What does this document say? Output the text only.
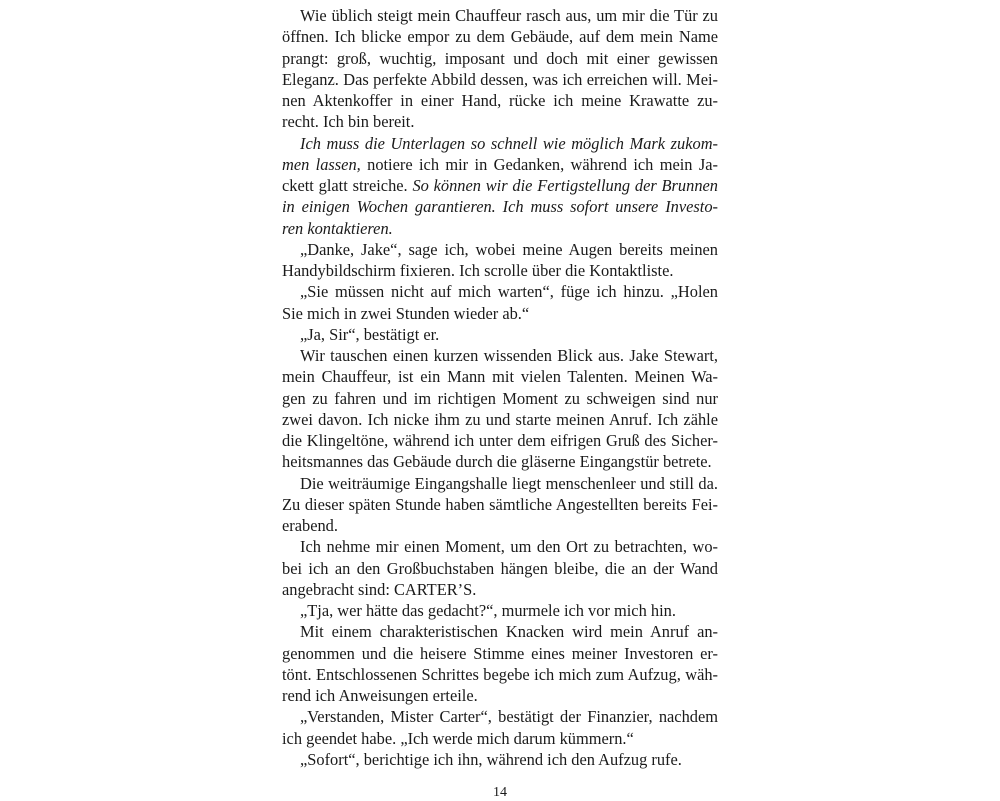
Wie üblich steigt mein Chauffeur rasch aus, um mir die Tür zu
öffnen. Ich blicke empor zu dem Gebäude, auf dem mein Name
prangt: groß, wuchtig, imposant und doch mit einer gewissen
Eleganz. Das perfekte Abbild dessen, was ich erreichen will. Mei-
nen Aktenkoffer in einer Hand, rücke ich meine Krawatte zu-
recht. Ich bin bereit.
Ich muss die Unterlagen so schnell wie möglich Mark zukom-
men lassen, notiere ich mir in Gedanken, während ich mein Ja-
ckett glatt streiche. So können wir die Fertigstellung der Brunnen
in einigen Wochen garantieren. Ich muss sofort unsere Investo-
ren kontaktieren.
„Danke, Jake“, sage ich, wobei meine Augen bereits meinen
Handybildschirm fixieren. Ich scrolle über die Kontaktliste.
„Sie müssen nicht auf mich warten“, füge ich hinzu. „Holen
Sie mich in zwei Stunden wieder ab.“
„Ja, Sir“, bestätigt er.
Wir tauschen einen kurzen wissenden Blick aus. Jake Stewart,
mein Chauffeur, ist ein Mann mit vielen Talenten. Meinen Wa-
gen zu fahren und im richtigen Moment zu schweigen sind nur
zwei davon. Ich nicke ihm zu und starte meinen Anruf. Ich zähle
die Klingeltöne, während ich unter dem eifrigen Gruß des Sicher-
heitsmannes das Gebäude durch die gläserne Eingangstür betrete.
Die weiträumige Eingangshalle liegt menschenleer und still da.
Zu dieser späten Stunde haben sämtliche Angestellten bereits Fei-
erabend.
Ich nehme mir einen Moment, um den Ort zu betrachten, wo-
bei ich an den Großbuchstaben hängen bleibe, die an der Wand
angebracht sind: CARTER’S.
„Tja, wer hätte das gedacht?“, murmele ich vor mich hin.
Mit einem charakteristischen Knacken wird mein Anruf an-
genommen und die heisere Stimme eines meiner Investoren er-
tönt. Entschlossenen Schrittes begebe ich mich zum Aufzug, wäh-
rend ich Anweisungen erteile.
„Verstanden, Mister Carter“, bestätigt der Finanzier, nachdem
ich geendet habe. „Ich werde mich darum kümmern.“
„Sofort“, berichtige ich ihn, während ich den Aufzug rufe.
14
